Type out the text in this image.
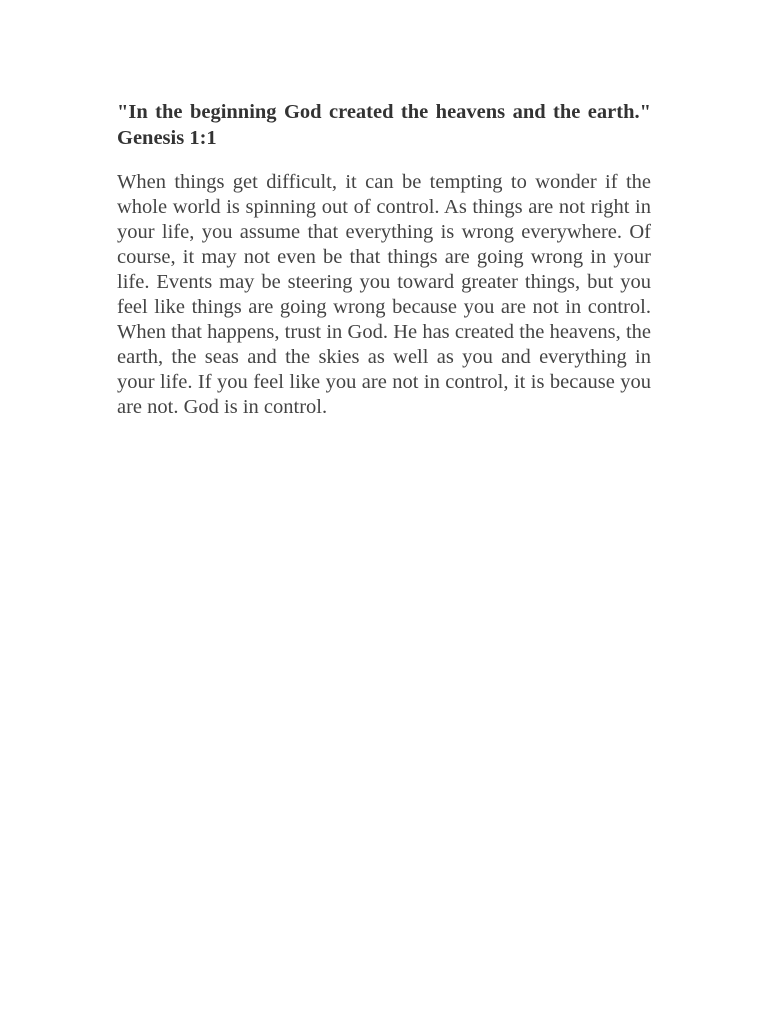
"In the beginning God created the heavens and the earth." Genesis 1:1

When things get difficult, it can be tempting to wonder if the whole world is spinning out of control. As things are not right in your life, you assume that everything is wrong everywhere. Of course, it may not even be that things are going wrong in your life. Events may be steering you toward greater things, but you feel like things are going wrong because you are not in control. When that happens, trust in God. He has created the heavens, the earth, the seas and the skies as well as you and everything in your life. If you feel like you are not in control, it is because you are not. God is in control.
